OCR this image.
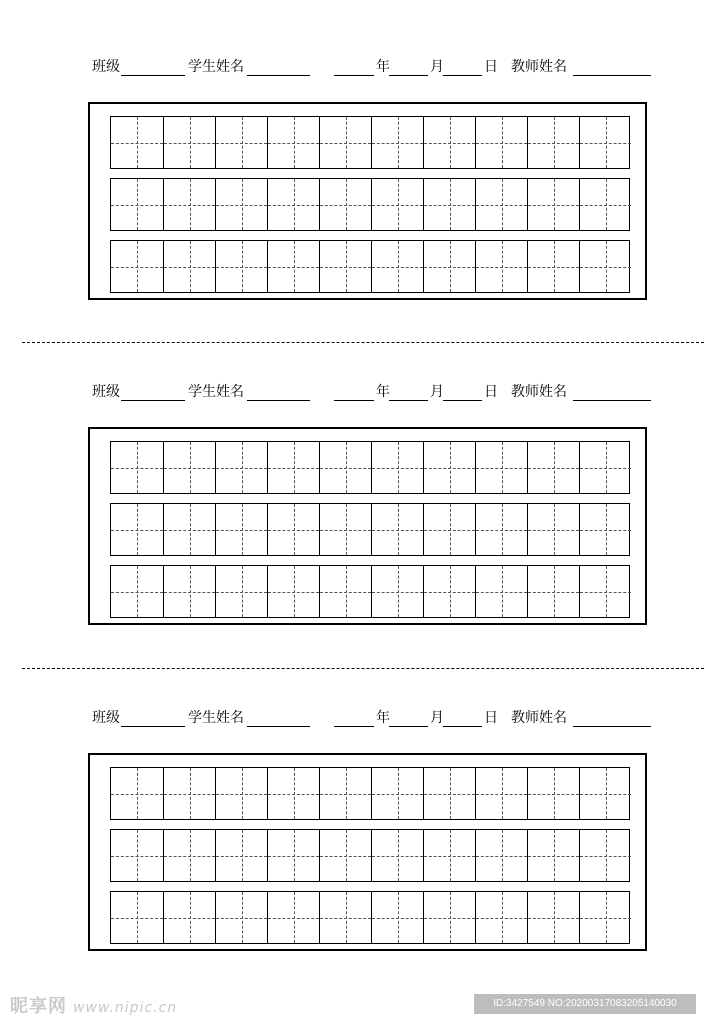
班级	学生姓名	年	月	日 教师姓名
班级	学生姓名	年	月	日 教师姓名
班级	学生姓名	年	月	日 教师姓名
昵享网 www.nipic.cn	ID:3427549 NO:20200317083205140030
